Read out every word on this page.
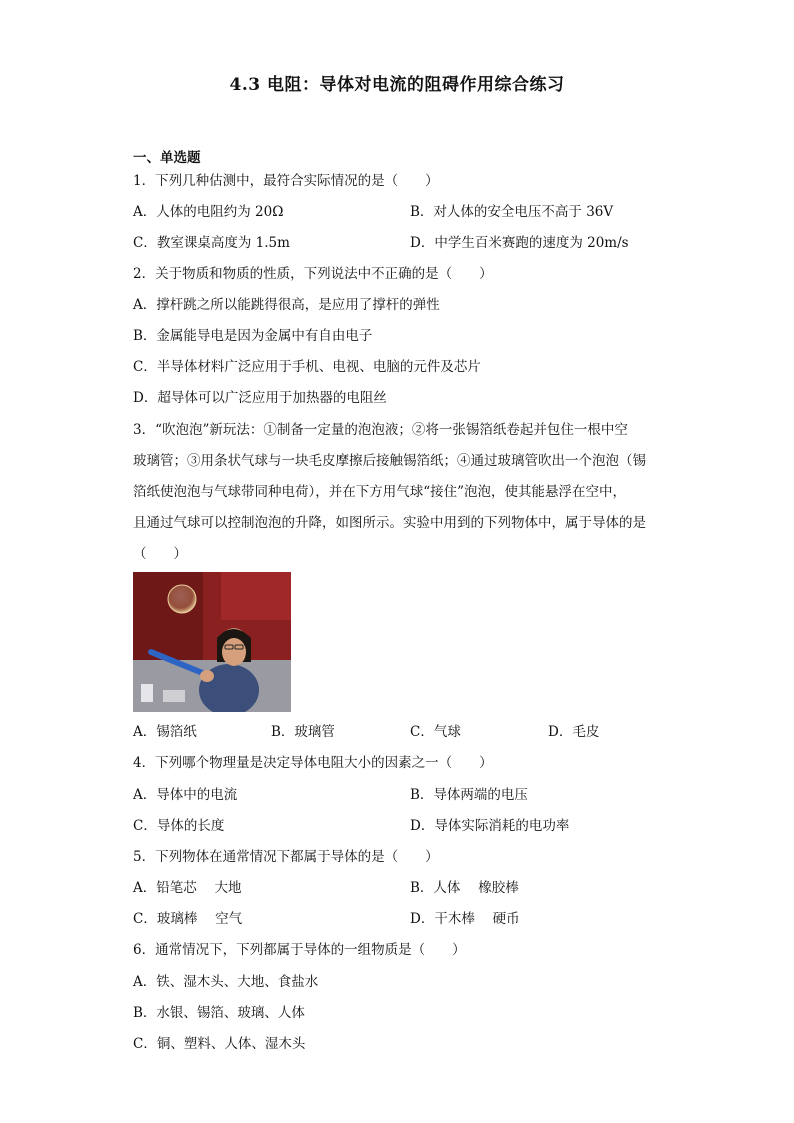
4.3 电阻：导体对电流的阻碍作用综合练习
一、单选题
1．下列几种估测中，最符合实际情况的是（　　）
A．人体的电阻约为 20Ω	B．对人体的安全电压不高于 36V
C．教室课桌高度为 1.5m	D．中学生百米赛跑的速度为 20m/s
2．关于物质和物质的性质，下列说法中不正确的是（　　）
A．撑杆跳之所以能跳得很高，是应用了撑杆的弹性
B．金属能导电是因为金属中有自由电子
C．半导体材料广泛应用于手机、电视、电脑的元件及芯片
D．超导体可以广泛应用于加热器的电阻丝
3．“吹泡泡”新玩法：①制备一定量的泡泡液；②将一张锡箔纸卷起并包住一根中空
玻璃管；③用条状气球与一块毛皮摩擦后接触锡箔纸；④通过玻璃管吹出一个泡泡（锡
箔纸使泡泡与气球带同种电荷），并在下方用气球“接住”泡泡，使其能悬浮在空中，
且通过气球可以控制泡泡的升降，如图所示。实验中用到的下列物体中，属于导体的是
（　　）
A．锡箔纸	B．玻璃管	C．气球	D．毛皮
4．下列哪个物理量是决定导体电阻大小的因素之一（　　）
A．导体中的电流	B．导体两端的电压
C．导体的长度	D．导体实际消耗的电功率
5．下列物体在通常情况下都属于导体的是（　　）
A．铅笔芯　 大地	B．人体　 橡胶棒
C．玻璃棒　 空气	D．干木棒　 硬币
6．通常情况下，下列都属于导体的一组物质是（　　）
A．铁、湿木头、大地、食盐水
B．水银、锡箔、玻璃、人体
C．铜、塑料、人体、湿木头
